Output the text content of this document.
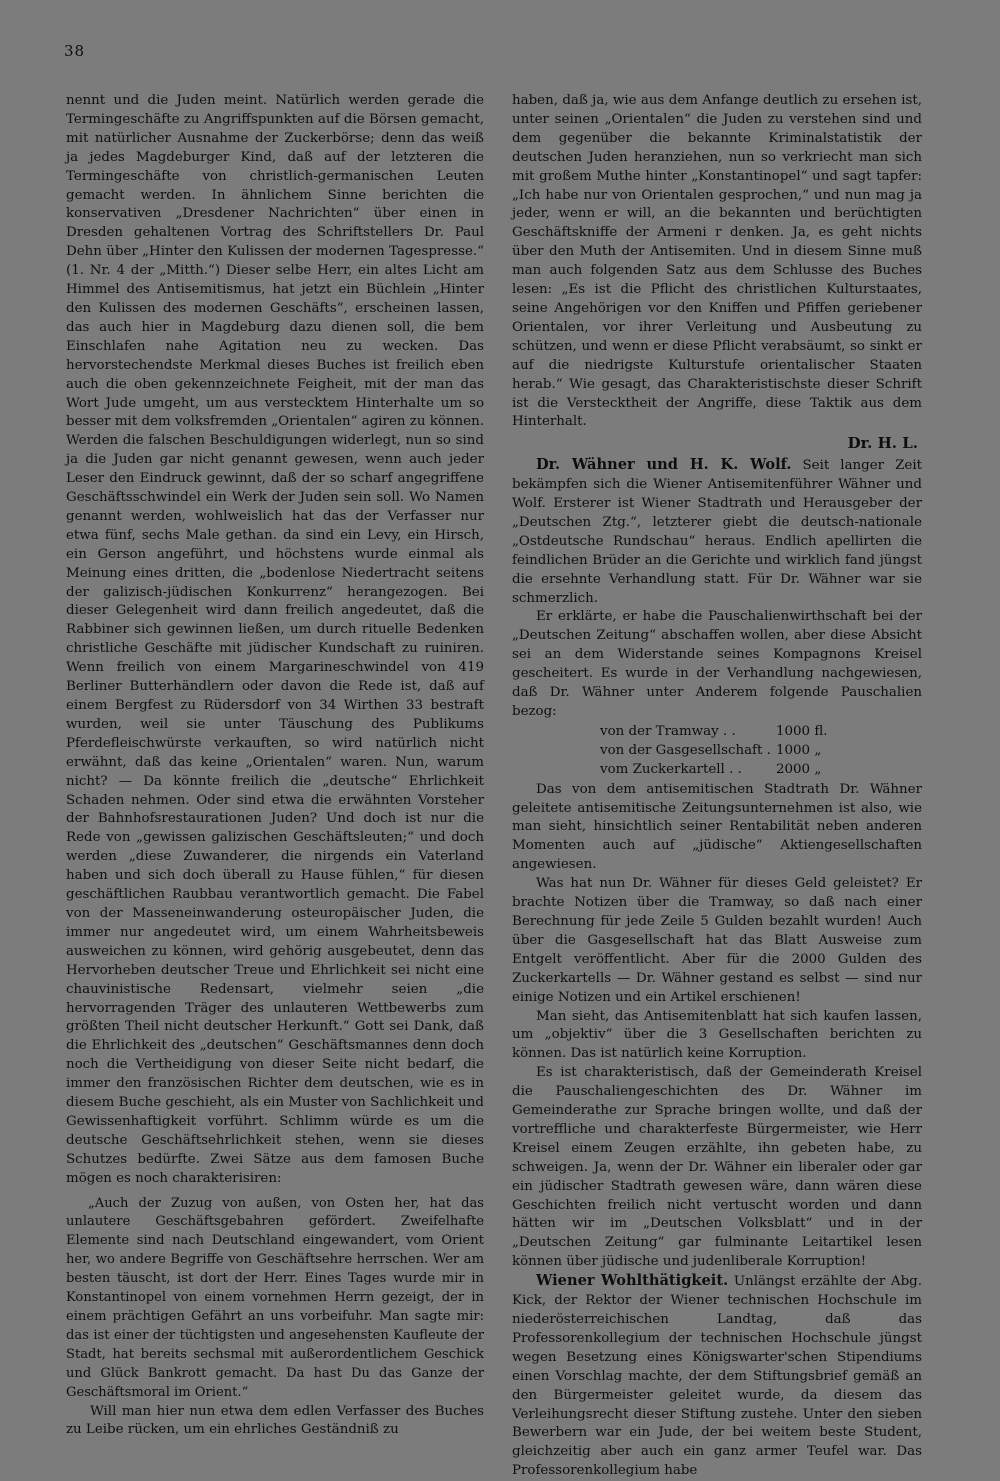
38

nennt und die Juden meint. Natürlich werden gerade die Termingeschäfte zu Angriffspunkten auf die Börsen gemacht, mit natürlicher Ausnahme der Zuckerbörse; denn das weiß ja jedes Magdeburger Kind, daß auf der letzteren die Termingeschäfte von christlich-germanischen Leuten gemacht werden. In ähnlichem Sinne berichten die konservativen „Dresdener Nachrichten“ über einen in Dresden gehaltenen Vortrag des Schriftstellers Dr. Paul Dehn über „Hinter den Kulissen der modernen Tagespresse.“ (1. Nr. 4 der „Mitth.“) Dieser selbe Herr, ein altes Licht am Himmel des Antisemitismus, hat jetzt ein Büchlein „Hinter den Kulissen des modernen Geschäfts“, erscheinen lassen, das auch hier in Magdeburg dazu dienen soll, die bem Einschlafen nahe Agitation neu zu wecken. Das hervorstechendste Merkmal dieses Buches ist freilich eben auch die oben gekennzeichnete Feigheit, mit der man das Wort Jude umgeht, um aus verstecktem Hinterhalte um so besser mit dem volksfremden „Orientalen“ agiren zu können. Werden die falschen Beschuldigungen widerlegt, nun so sind ja die Juden gar nicht genannt gewesen, wenn auch jeder Leser den Eindruck gewinnt, daß der so scharf angegriffene Geschäftsschwindel ein Werk der Juden sein soll. Wo Namen genannt werden, wohlweislich hat das der Verfasser nur etwa fünf, sechs Male gethan. da sind ein Levy, ein Hirsch, ein Gerson angeführt, und höchstens wurde einmal als Meinung eines dritten, die „bodenlose Niedertracht seitens der galizisch-jüdischen Konkurrenz“ herangezogen. Bei dieser Gelegenheit wird dann freilich angedeutet, daß die Rabbiner sich gewinnen ließen, um durch rituelle Bedenken christliche Geschäfte mit jüdischer Kundschaft zu ruiniren. Wenn freilich von einem Margarineschwindel von 419 Berliner Butterhändlern oder davon die Rede ist, daß auf einem Bergfest zu Rüdersdorf von 34 Wirthen 33 bestraft wurden, weil sie unter Täuschung des Publikums Pferdefleischwürste verkauften, so wird natürlich nicht erwähnt, daß das keine „Orientalen“ waren. Nun, warum nicht? — Da könnte freilich die „deutsche“ Ehrlichkeit Schaden nehmen. Oder sind etwa die erwähnten Vorsteher der Bahnhofsrestaurationen Juden? Und doch ist nur die Rede von „gewissen galizischen Geschäftsleuten;“ und doch werden „diese Zuwanderer, die nirgends ein Vaterland haben und sich doch überall zu Hause fühlen,“ für diesen geschäftlichen Raubbau verantwortlich gemacht. Die Fabel von der Masseneinwanderung osteuropäischer Juden, die immer nur angedeutet wird, um einem Wahrheitsbeweis ausweichen zu können, wird gehörig ausgebeutet, denn das Hervorheben deutscher Treue und Ehrlichkeit sei nicht eine chauvinistische Redensart, vielmehr seien „die hervorragenden Träger des unlauteren Wettbewerbs zum größten Theil nicht deutscher Herkunft.“ Gott sei Dank, daß die Ehrlichkeit des „deutschen“ Geschäftsmannes denn doch noch die Vertheidigung von dieser Seite nicht bedarf, die immer den französischen Richter dem deutschen, wie es in diesem Buche geschieht, als ein Muster von Sachlichkeit und Gewissenhaftigkeit vorführt. Schlimm würde es um die deutsche Geschäftsehrlichkeit stehen, wenn sie dieses Schutzes bedürfte. Zwei Sätze aus dem famosen Buche mögen es noch charakterisiren:

„Auch der Zuzug von außen, von Osten her, hat das unlautere Geschäftsgebahren gefördert. Zweifelhafte Elemente sind nach Deutschland eingewandert, vom Orient her, wo andere Begriffe von Geschäftsehre herrschen. Wer am besten täuscht, ist dort der Herr. Eines Tages wurde mir in Konstantinopel von einem vornehmen Herrn gezeigt, der in einem prächtigen Gefährt an uns vorbeifuhr. Man sagte mir: das ist einer der tüchtigsten und angesehensten Kaufleute der Stadt, hat bereits sechsmal mit außerordentlichem Geschick und Glück Bankrott gemacht. Da hast Du das Ganze der Geschäftsmoral im Orient.“

Will man hier nun etwa dem edlen Verfasser des Buches zu Leibe rücken, um ein ehrliches Geständniß zu

haben, daß ja, wie aus dem Anfange deutlich zu ersehen ist, unter seinen „Orientalen“ die Juden zu verstehen sind und dem gegenüber die bekannte Kriminalstatistik der deutschen Juden heranziehen, nun so verkriecht man sich mit großem Muthe hinter „Konstantinopel“ und sagt tapfer: „Ich habe nur von Orientalen gesprochen,“ und nun mag ja jeder, wenn er will, an die bekannten und berüchtigten Geschäftskniffe der Armeni r denken. Ja, es geht nichts über den Muth der Antisemiten. Und in diesem Sinne muß man auch folgenden Satz aus dem Schlusse des Buches lesen: „Es ist die Pflicht des christlichen Kulturstaates, seine Angehörigen vor den Kniffen und Pfiffen geriebener Orientalen, vor ihrer Verleitung und Ausbeutung zu schützen, und wenn er diese Pflicht verabsäumt, so sinkt er auf die niedrigste Kulturstufe orientalischer Staaten herab.“ Wie gesagt, das Charakteristischste dieser Schrift ist die Verstecktheit der Angriffe, diese Taktik aus dem Hinterhalt.

Dr. H. L.

Dr. Wähner und H. K. Wolf. Seit langer Zeit bekämpfen sich die Wiener Antisemitenführer Wähner und Wolf. Ersterer ist Wiener Stadtrath und Herausgeber der „Deutschen Ztg.“, letzterer giebt die deutsch-nationale „Ostdeutsche Rundschau“ heraus. Endlich apellirten die feindlichen Brüder an die Gerichte und wirklich fand jüngst die ersehnte Verhandlung statt. Für Dr. Wähner war sie schmerzlich.

Er erklärte, er habe die Pauschalienwirthschaft bei der „Deutschen Zeitung“ abschaffen wollen, aber diese Absicht sei an dem Widerstande seines Kompagnons Kreisel gescheitert. Es wurde in der Verhandlung nachgewiesen, daß Dr. Wähner unter Anderem folgende Pauschalien bezog:

von der Tramway . .	1000 fl.
von der Gasgesellschaft . 1000 „
vom Zuckerkartell . .	2000 „

Das von dem antisemitischen Stadtrath Dr. Wähner geleitete antisemitische Zeitungsunternehmen ist also, wie man sieht, hinsichtlich seiner Rentabilität neben anderen Momenten auch auf „jüdische“ Aktiengesellschaften angewiesen.

Was hat nun Dr. Wähner für dieses Geld geleistet? Er brachte Notizen über die Tramway, so daß nach einer Berechnung für jede Zeile 5 Gulden bezahlt wurden! Auch über die Gasgesellschaft hat das Blatt Ausweise zum Entgelt veröffentlicht. Aber für die 2000 Gulden des Zuckerkartells — Dr. Wähner gestand es selbst — sind nur einige Notizen und ein Artikel erschienen!

Man sieht, das Antisemitenblatt hat sich kaufen lassen, um „objektiv“ über die 3 Gesellschaften berichten zu können. Das ist natürlich keine Korruption.

Es ist charakteristisch, daß der Gemeinderath Kreisel die Pauschaliengeschichten des Dr. Wähner im Gemeinderathe zur Sprache bringen wollte, und daß der vortreffliche und charakterfeste Bürgermeister, wie Herr Kreisel einem Zeugen erzählte, ihn gebeten habe, zu schweigen. Ja, wenn der Dr. Wähner ein liberaler oder gar ein jüdischer Stadtrath gewesen wäre, dann wären diese Geschichten freilich nicht vertuscht worden und dann hätten wir im „Deutschen Volksblatt“ und in der „Deutschen Zeitung“ gar fulminante Leitartikel lesen können über jüdische und judenliberale Korruption!

Wiener Wohlthätigkeit. Unlängst erzählte der Abg. Kick, der Rektor der Wiener technischen Hochschule im niederösterreichischen Landtag, daß das Professorenkollegium der technischen Hochschule jüngst wegen Besetzung eines Königswarter'schen Stipendiums einen Vorschlag machte, der dem Stiftungsbrief gemäß an den Bürgermeister geleitet wurde, da diesem das Verleihungsrecht dieser Stiftung zustehe. Unter den sieben Bewerbern war ein Jude, der bei weitem beste Student, gleichzeitig aber auch ein ganz armer Teufel war. Das Professorenkollegium habe
